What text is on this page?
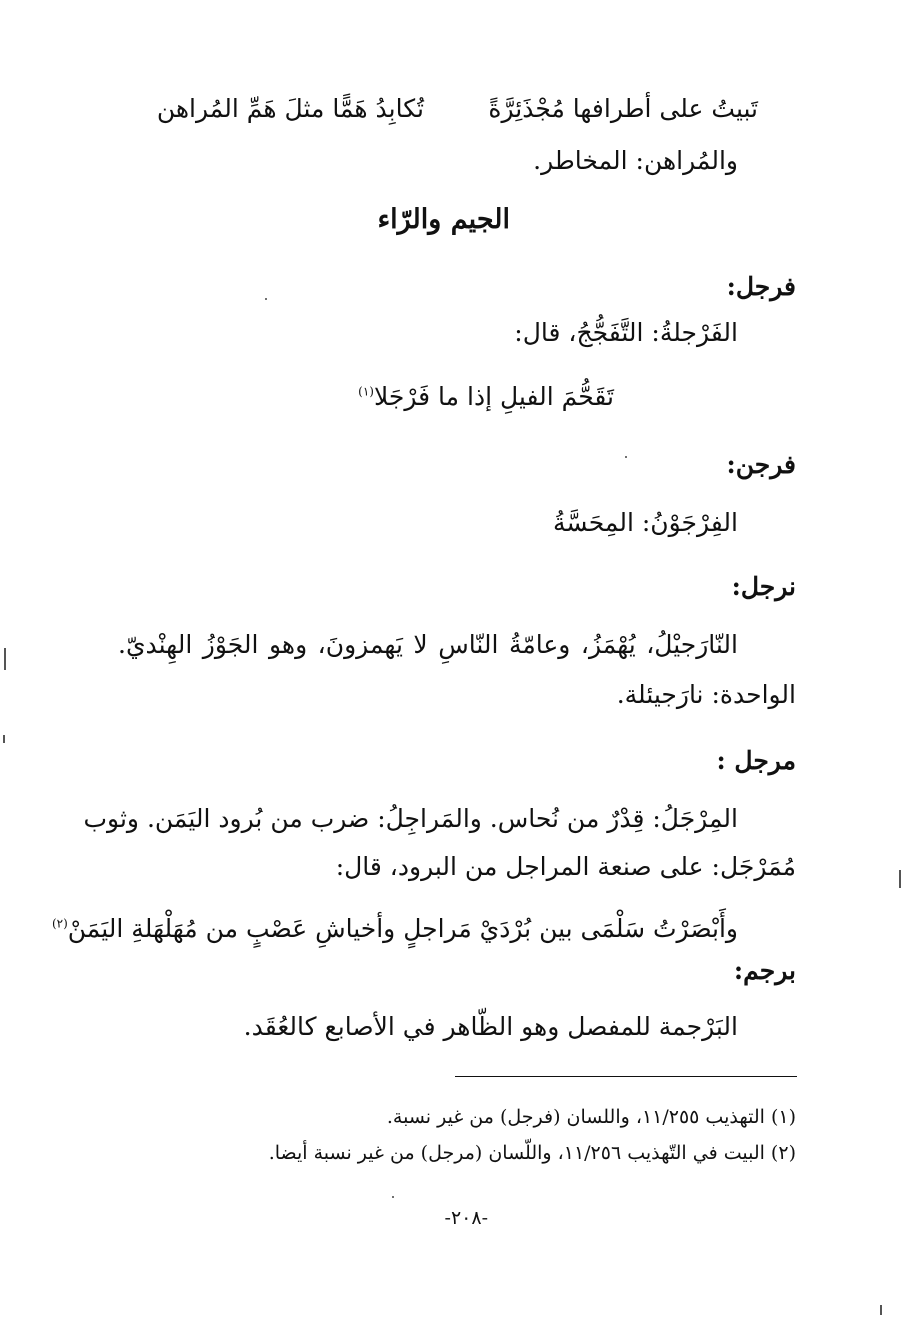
تَبيتُ على أطرافها مُجْذَئِرَّةً
تُكابِدُ هَمًّا مثلَ هَمِّ المُراهن
والمُراهن: المخاطر.
الجيم والرّاء
فرجل:
الفَرْجلةُ: التَّفَجُّجُ، قال:
تَقَحُّمَ الفيلِ إذا ما فَرْجَلا$^{(١)}$
فرجن:
الفِرْجَوْنُ: المِحَسَّةُ
نرجل:
النّارَجيْلُ، يُهْمَزُ، وعامّةُ النّاسِ لا يَهمزونَ، وهو الجَوْزُ الهِنْديّ.
الواحدة: نارَجيئلة.
مرجل :
المِرْجَلُ: قِدْرٌ من نُحاس. والمَراجِلُ: ضرب من بُرود اليَمَن. وثوب
مُمَرْجَل: على صنعة المراجل من البرود، قال:
وأَبْصَرْتُ سَلْمَى بين بُرْدَيْ مَراجلٍ وأخياشِ عَصْبٍ من مُهَلْهَلةِ اليَمَنْ$^{(٢)}$
برجم:
البَرْجمة للمفصل وهو الظّاهر في الأصابع كالعُقَد.
(١) التهذيب ١١/٢٥٥، واللسان (فرجل) من غير نسبة.
(٢) البيت في التّهذيب ١١/٢٥٦، واللّسان (مرجل) من غير نسبة أيضا.
-٢٠٨-
